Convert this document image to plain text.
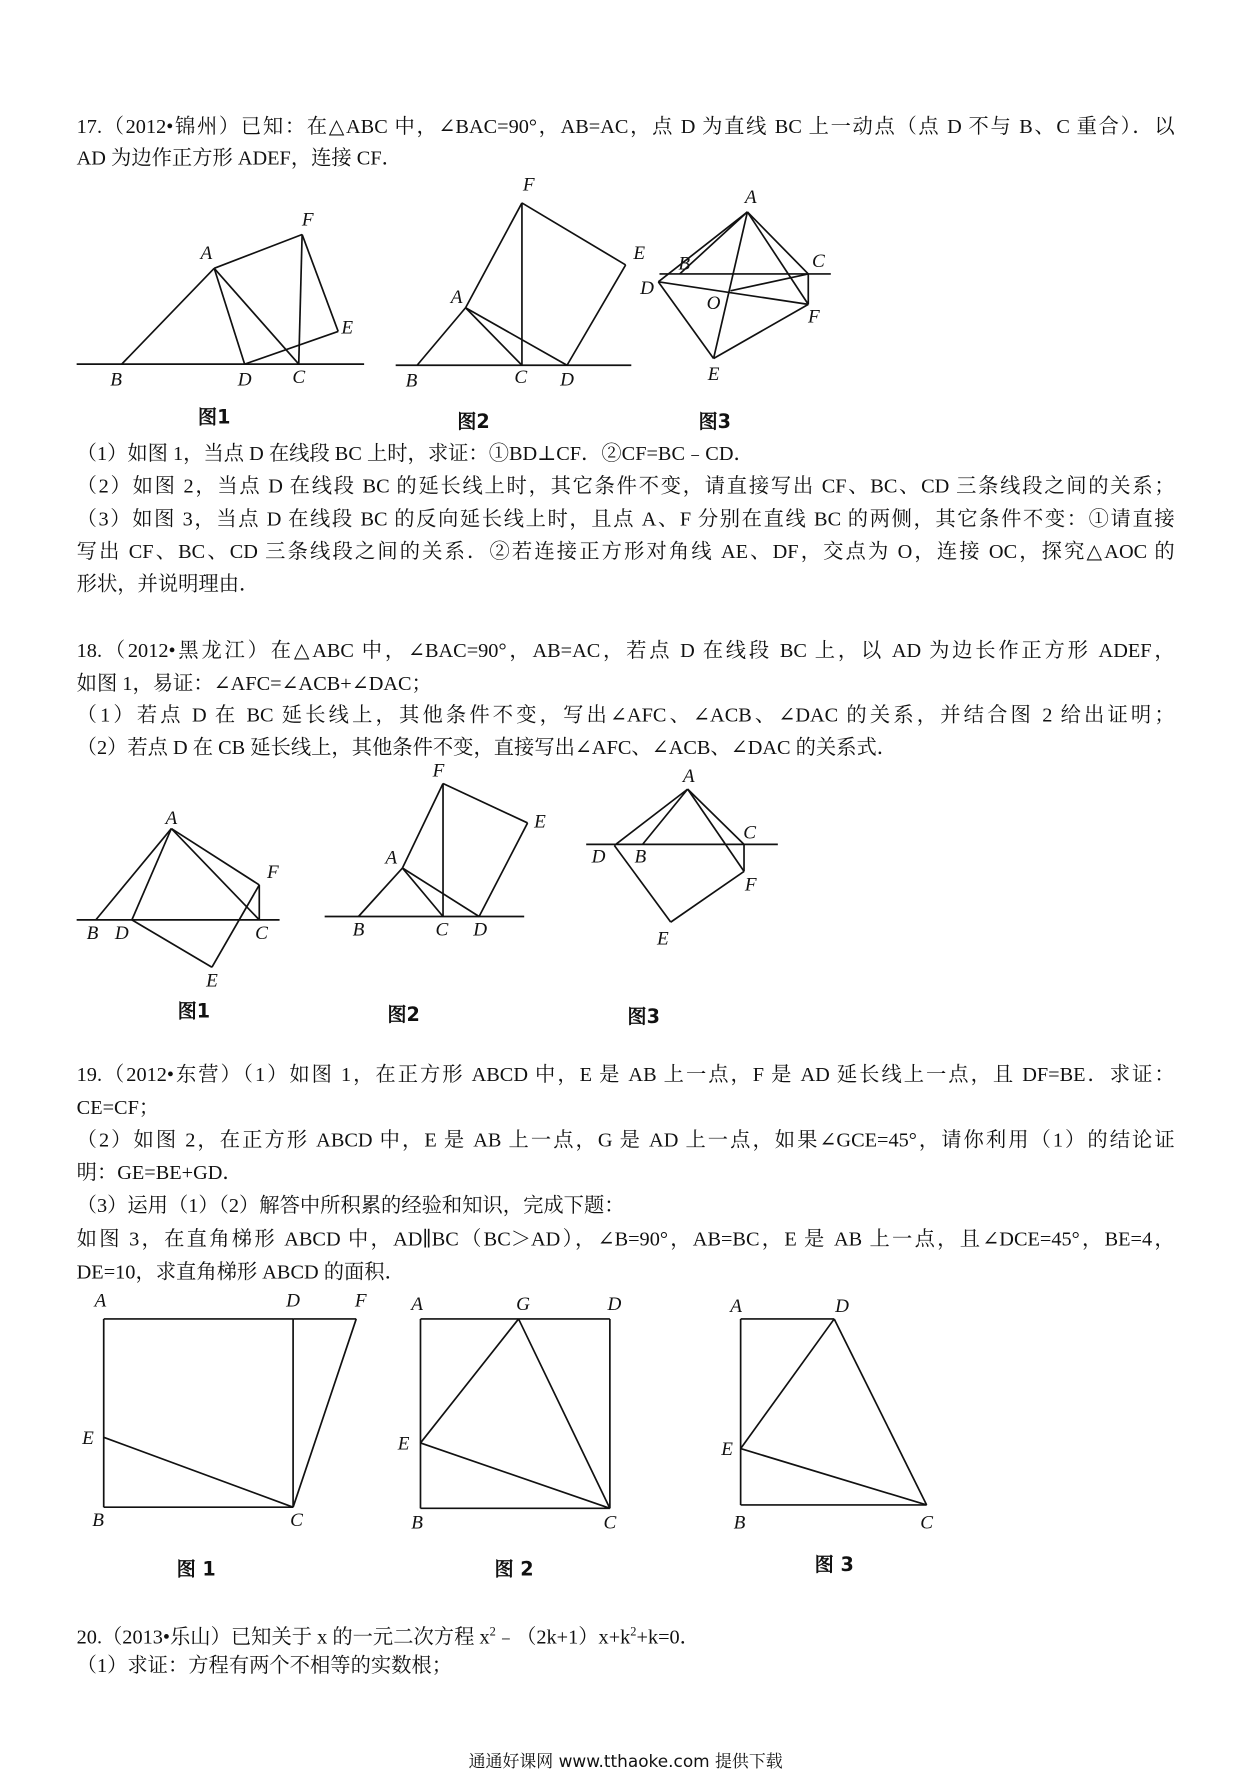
17.（2012•锦州）已知：在△ABC 中，∠BAC=90°，AB=AC，点 D 为直线 BC 上一动点（点 D 不与 B、C 重合）．以
AD 为边作正方形 ADEF，连接 CF．
A
F
E
B	D C
A
F
E
B	C D
A
B	C
D
O
F
E
图1	图2	图3
（1）如图 1，当点 D 在线段 BC 上时，求证：①BD⊥CF．②CF=BC﹣CD．
（2）如图 2，当点 D 在线段 BC 的延长线上时，其它条件不变，请直接写出 CF、BC、CD 三条线段之间的关系；
（3）如图 3，当点 D 在线段 BC 的反向延长线上时，且点 A、F 分别在直线 BC 的两侧，其它条件不变：①请直接
写出 CF、BC、CD 三条线段之间的关系．②若连接正方形对角线 AE、DF，交点为 O，连接 OC，探究△AOC 的
形状，并说明理由．
18.（2012•黑龙江）在△ABC 中，∠BAC=90°，AB=AC，若点 D 在线段 BC 上，以 AD 为边长作正方形 ADEF，
如图 1，易证：∠AFC=∠ACB+∠DAC；
（1）若点 D 在 BC 延长线上，其他条件不变，写出∠AFC、∠ACB、∠DAC 的关系，并结合图 2 给出证明；
（2）若点 D 在 CB 延长线上，其他条件不变，直接写出∠AFC、∠ACB、∠DAC 的关系式．
A
F
B D	C
E
F
E
A
B	C D
A
D B
C
F
E
图1	图2	图3
19.（2012•东营）（1）如图 1，在正方形 ABCD 中，E 是 AB 上一点，F 是 AD 延长线上一点，且 DF=BE．求证：
CE=CF；
（2）如图 2，在正方形 ABCD 中，E 是 AB 上一点，G 是 AD 上一点，如果∠GCE=45°，请你利用（1）的结论证
明：GE=BE+GD．
（3）运用（1）（2）解答中所积累的经验和知识，完成下题：
如图 3，在直角梯形 ABCD 中，AD∥BC（BC＞AD），∠B=90°，AB=BC，E 是 AB 上一点，且∠DCE=45°，BE=4，
DE=10，求直角梯形 ABCD 的面积．
A	D	F
E
B	C
A	G	D
E
B	C
A	D
E
B	C
图 1	图 2	图 3
20.（2013•乐山）已知关于 x 的一元二次方程 $x^2﹣(2k+1)x+k^2+k=0$．
（1）求证：方程有两个不相等的实数根；
通通好课网 www.tthaoke.com 提供下载
